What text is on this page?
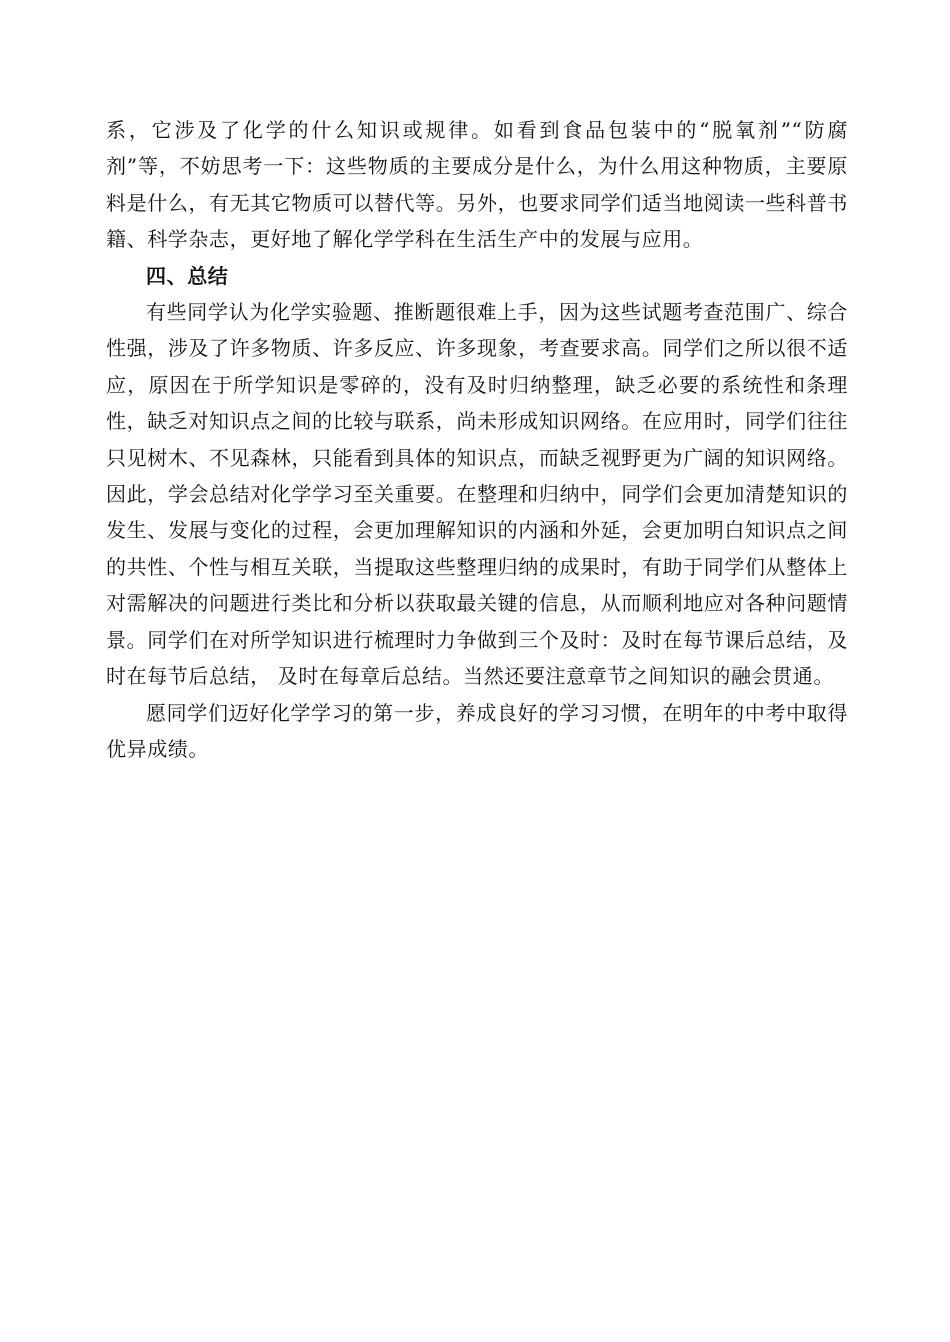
系，它涉及了化学的什么知识或规律。如看到食品包装中的“脱氧剂”“防腐剂”等，不妨思考一下：这些物质的主要成分是什么，为什么用这种物质，主要原料是什么，有无其它物质可以替代等。另外，也要求同学们适当地阅读一些科普书籍、科学杂志，更好地了解化学学科在生活生产中的发展与应用。

四、总结

有些同学认为化学实验题、推断题很难上手，因为这些试题考查范围广、综合性强，涉及了许多物质、许多反应、许多现象，考查要求高。同学们之所以很不适应，原因在于所学知识是零碎的，没有及时归纳整理，缺乏必要的系统性和条理性，缺乏对知识点之间的比较与联系，尚未形成知识网络。在应用时，同学们往往只见树木、不见森林，只能看到具体的知识点，而缺乏视野更为广阔的知识网络。因此，学会总结对化学学习至关重要。在整理和归纳中，同学们会更加清楚知识的发生、发展与变化的过程，会更加理解知识的内涵和外延，会更加明白知识点之间的共性、个性与相互关联，当提取这些整理归纳的成果时，有助于同学们从整体上对需解决的问题进行类比和分析以获取最关键的信息，从而顺利地应对各种问题情景。同学们在对所学知识进行梳理时力争做到三个及时：及时在每节课后总结，及时在每节后总结， 及时在每章后总结。当然还要注意章节之间知识的融会贯通。

愿同学们迈好化学学习的第一步，养成良好的学习习惯，在明年的中考中取得优异成绩。
